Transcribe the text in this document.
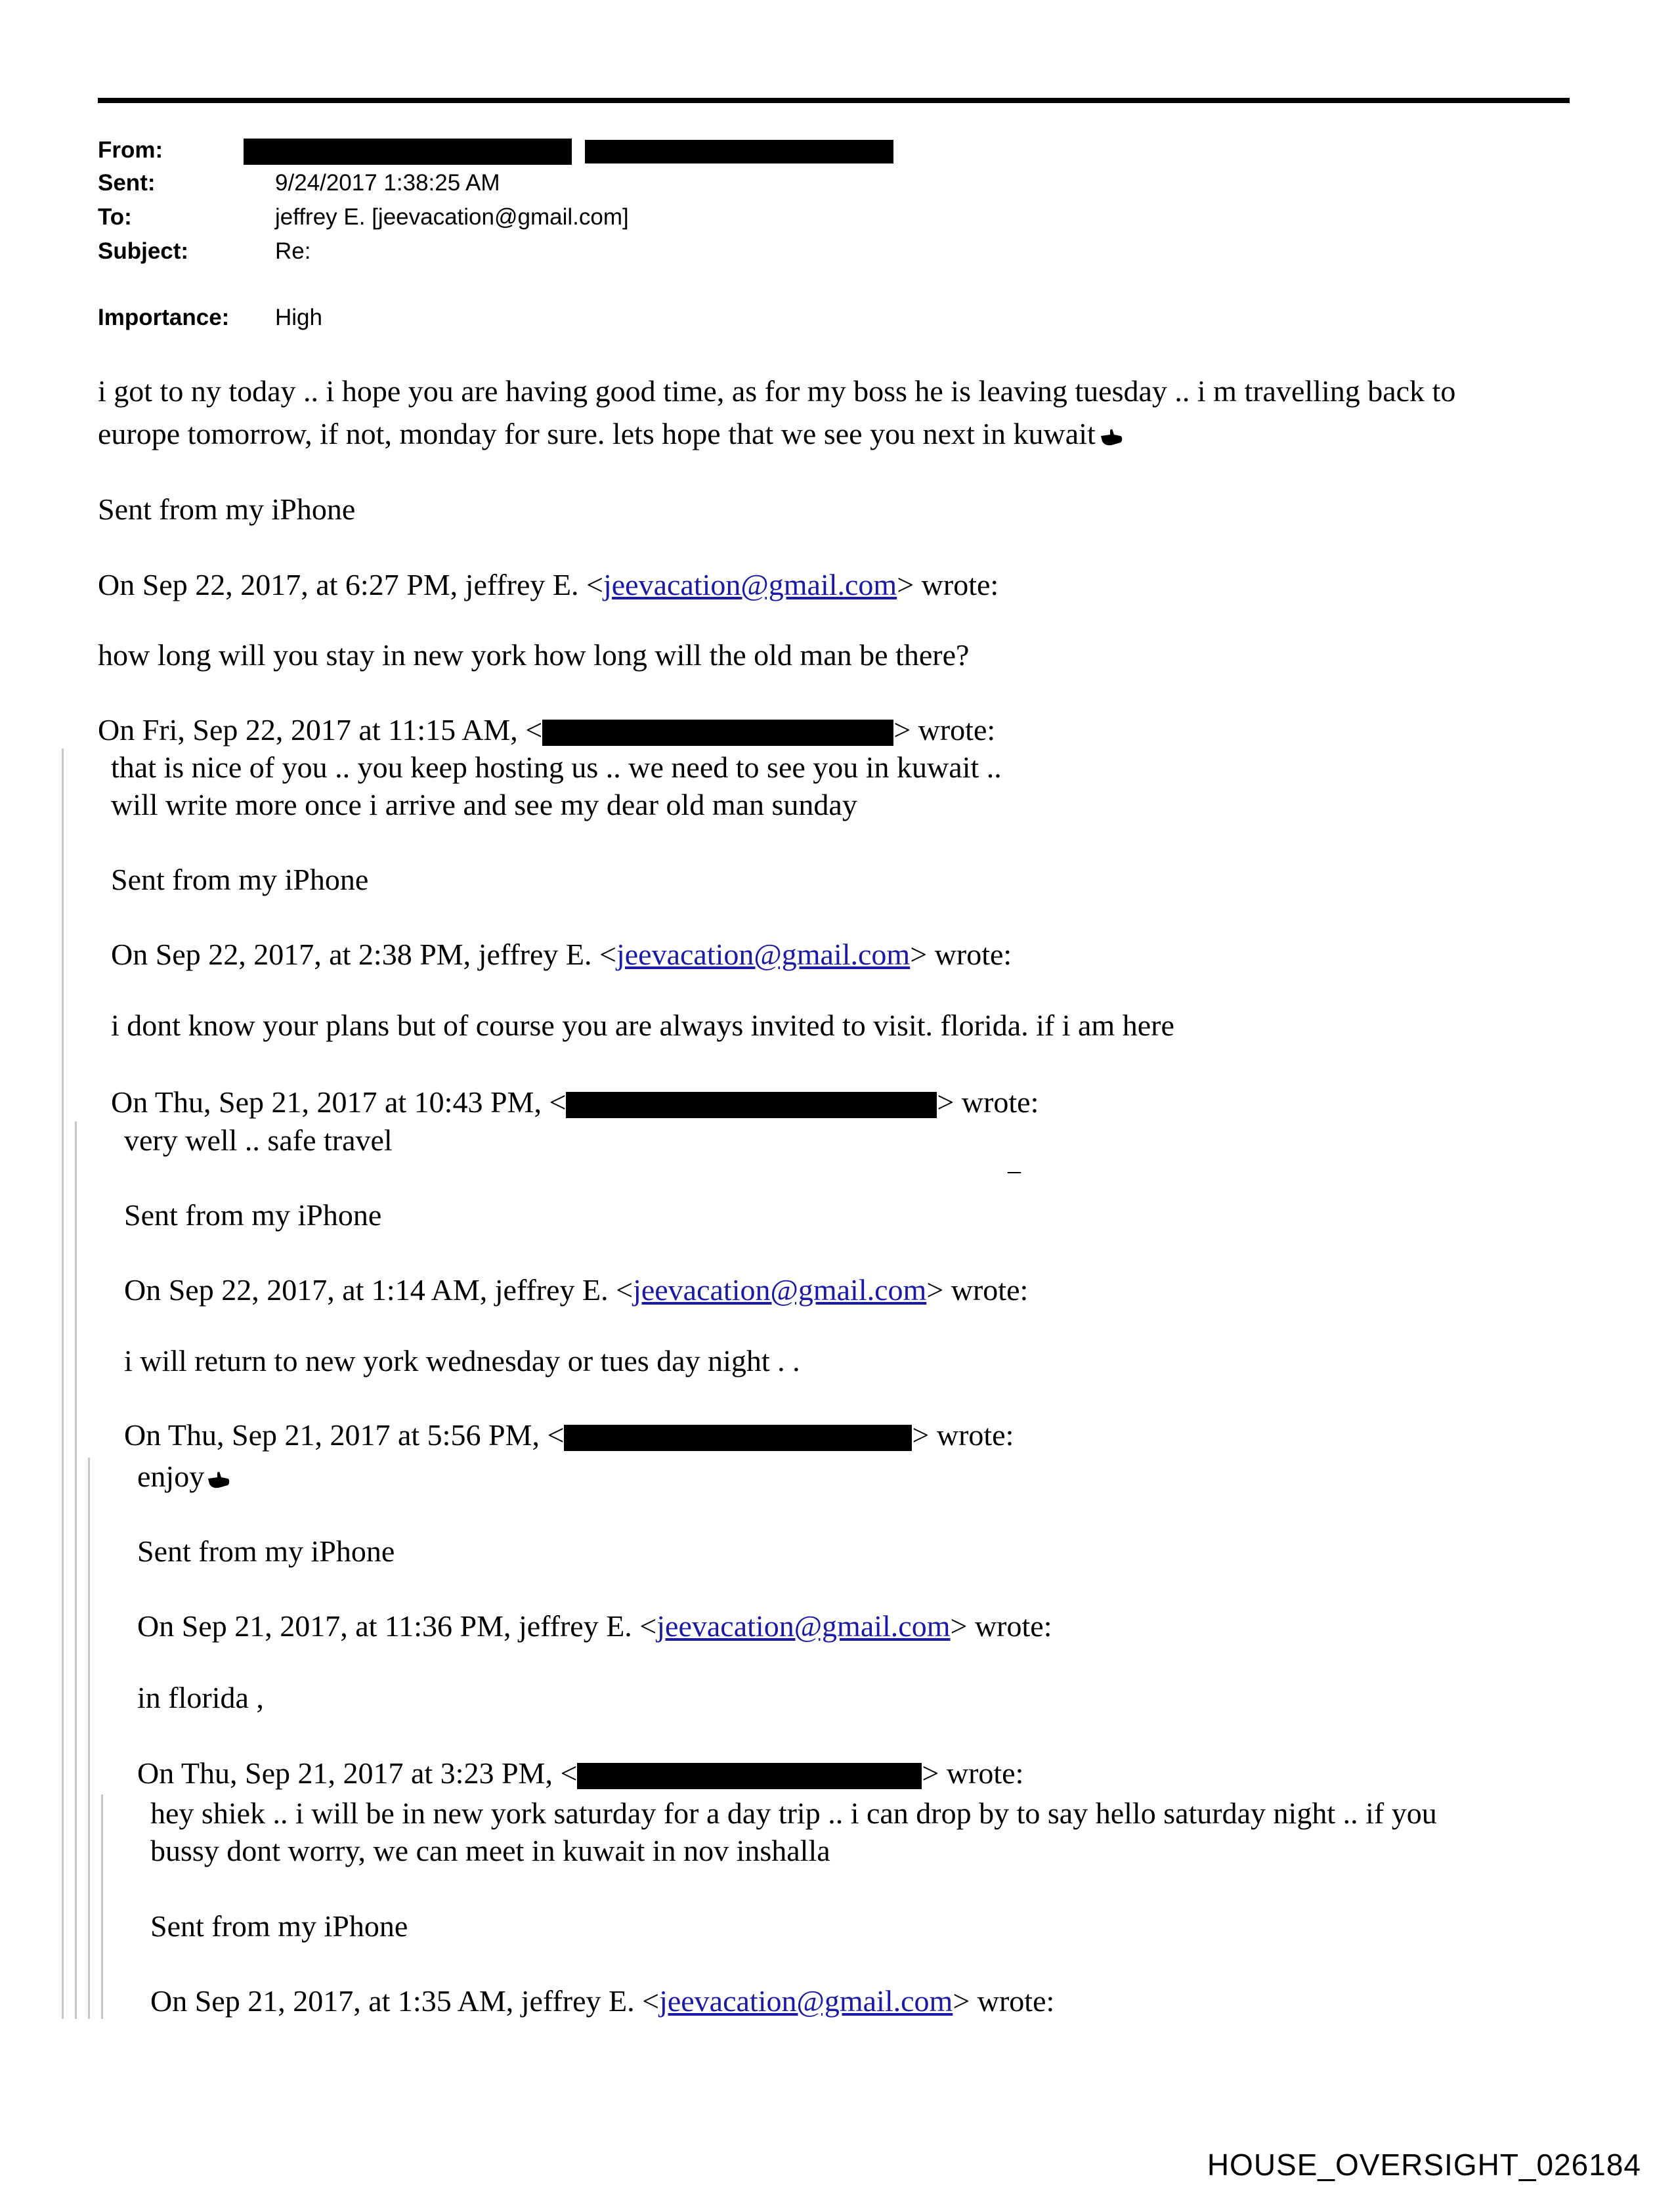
From:

Sent:	9/24/2017 1:38:25 AM
To:	jeffrey E. [jeevacation@gmail.com]
Subject:	Re:
Importance:	High
i got to ny today .. i hope you are having good time, as for my boss he is leaving tuesday .. i m travelling back to
europe tomorrow, if not, monday for sure. lets hope that we see you next in kuwait
Sent from my iPhone
On Sep 22, 2017, at 6:27 PM, jeffrey E. <jeevacation@gmail.com> wrote:
how long will you stay in new york how long will the old man be there?
On Fri, Sep 22, 2017 at 11:15 AM, <	> wrote:
that is nice of you .. you keep hosting us .. we need to see you in kuwait ..
will write more once i arrive and see my dear old man sunday
Sent from my iPhone
On Sep 22, 2017, at 2:38 PM, jeffrey E. <jeevacation@gmail.com> wrote:
i dont know your plans but of course you are always invited to visit. florida. if i am here
On Thu, Sep 21, 2017 at 10:43 PM, <	> wrote:
very well .. safe travel
_
Sent from my iPhone
On Sep 22, 2017, at 1:14 AM, jeffrey E. <jeevacation@gmail.com> wrote:
i will return to new york wednesday or tues day night . .
On Thu, Sep 21, 2017 at 5:56 PM, <	> wrote:
enjoy
Sent from my iPhone
On Sep 21, 2017, at 11:36 PM, jeffrey E. <jeevacation@gmail.com> wrote:
in florida ,
On Thu, Sep 21, 2017 at 3:23 PM, <	> wrote:
hey shiek .. i will be in new york saturday for a day trip .. i can drop by to say hello saturday night .. if you
bussy dont worry, we can meet in kuwait in nov inshalla
Sent from my iPhone
On Sep 21, 2017, at 1:35 AM, jeffrey E. <jeevacation@gmail.com> wrote:
HOUSE_OVERSIGHT_026184
